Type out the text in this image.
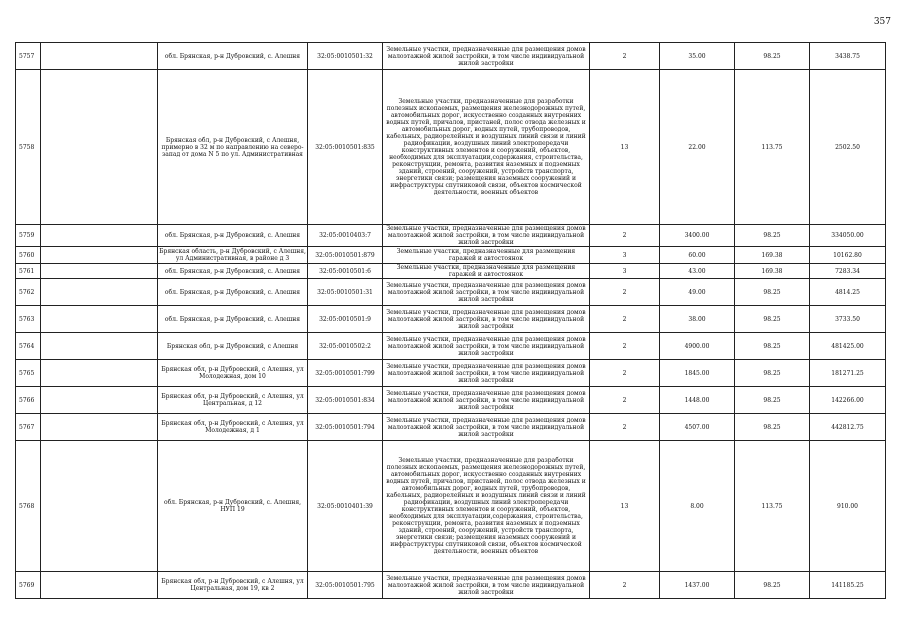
357
5757		обл. Брянская, р-н Дубровский, с. Алешня	32:05:0010501:32	Земельные участки, предназначенные для размещения домов малоэтажной жилой застройки, в том числе индивидуальной жилой застройки	2	35.00	98.25	3438.75
5758		Брянская обл, р-н Дубровский, с Алешня, примерно в 32 м по направлению на северо-запад от дома N 5 по ул. Административная	32:05:0010501:835	Земельные участки, предназначенные для разработки полезных ископаемых, размещения железнодорожных путей, автомобильных дорог, искусственно созданных внутренних водных путей, причалов, пристаней, полос отвода железных и автомобильных дорог, водных путей, трубопроводов, кабельных, радиорелейных и воздушных линий связи и линий радиофикации, воздушных линий электропередачи конструктивных элементов и сооружений, объектов, необходимых для эксплуатации,содержания, строительства, реконструкции, ремонта, развития наземных и подземных зданий, строений, сооружений, устройств транспорта, энергетики связи; размещения наземных сооружений и инфраструктуры спутниковой связи, объектов космической деятельности, военных объектов	13	22.00	113.75	2502.50
5759		обл. Брянская, р-н Дубровский, с. Алешня	32:05:0010403:7	Земельные участки, предназначенные для размещения домов малоэтажной жилой застройки, в том числе индивидуальной жилой застройки	2	3400.00	98.25	334050.00
5760		Брянская область, р-н Дубровский, с Алешня, ул Административная, в районе д 3	32:05:0010501:879	Земельные участки, предназначенные для размещения гаражей и автостоянок	3	60.00	169.38	10162.80
5761		обл. Брянская, р-н Дубровский, с. Алешня	32:05:0010501:6	Земельные участки, предназначенные для размещения гаражей и автостоянок	3	43.00	169.38	7283.34
5762		обл. Брянская, р-н Дубровский, с. Алешня	32:05:0010501:31	Земельные участки, предназначенные для размещения домов малоэтажной жилой застройки, в том числе индивидуальной жилой застройки	2	49.00	98.25	4814.25
5763		обл. Брянская, р-н Дубровский, с. Алешня	32:05:0010501:9	Земельные участки, предназначенные для размещения домов малоэтажной жилой застройки, в том числе индивидуальной жилой застройки	2	38.00	98.25	3733.50
5764		Брянская обл, р-н Дубровский, с Алешня	32:05:0010502:2	Земельные участки, предназначенные для размещения домов малоэтажной жилой застройки, в том числе индивидуальной жилой застройки	2	4900.00	98.25	481425.00
5765		Брянская обл, р-н Дубровский, с Алешня, ул Молодежная, дом 10	32:05:0010501:799	Земельные участки, предназначенные для размещения домов малоэтажной жилой застройки, в том числе индивидуальной жилой застройки	2	1845.00	98.25	181271.25
5766		Брянская обл, р-н Дубровский, с Алешня, ул Центральная, д 12	32:05:0010501:834	Земельные участки, предназначенные для размещения домов малоэтажной жилой застройки, в том числе индивидуальной жилой застройки	2	1448.00	98.25	142266.00
5767		Брянская обл, р-н Дубровский, с Алешня, ул Молодежная, д 1	32:05:0010501:794	Земельные участки, предназначенные для размещения домов малоэтажной жилой застройки, в том числе индивидуальной жилой застройки	2	4507.00	98.25	442812.75
5768		обл. Брянская, р-н Дубровский, с. Алешня, НУП 19	32:05:0010401:39	Земельные участки, предназначенные для разработки полезных ископаемых, размещения железнодорожных путей, автомобильных дорог, искусственно созданных внутренних водных путей, причалов, пристаней, полос отвода железных и автомобильных дорог, водных путей, трубопроводов, кабельных, радиорелейных и воздушных линий связи и линий радиофикации, воздушных линий электропередачи конструктивных элементов и сооружений, объектов, необходимых для эксплуатации,содержания, строительства, реконструкции, ремонта, развития наземных и подземных зданий, строений, сооружений, устройств транспорта, энергетики связи; размещения наземных сооружений и инфраструктуры спутниковой связи, объектов космической деятельности, военных объектов	13	8.00	113.75	910.00
5769		Брянская обл, р-н Дубровский, с Алешня, ул Центральная, дом 19, кв 2	32:05:0010501:795	Земельные участки, предназначенные для размещения домов малоэтажной жилой застройки, в том числе индивидуальной жилой застройки	2	1437.00	98.25	141185.25
